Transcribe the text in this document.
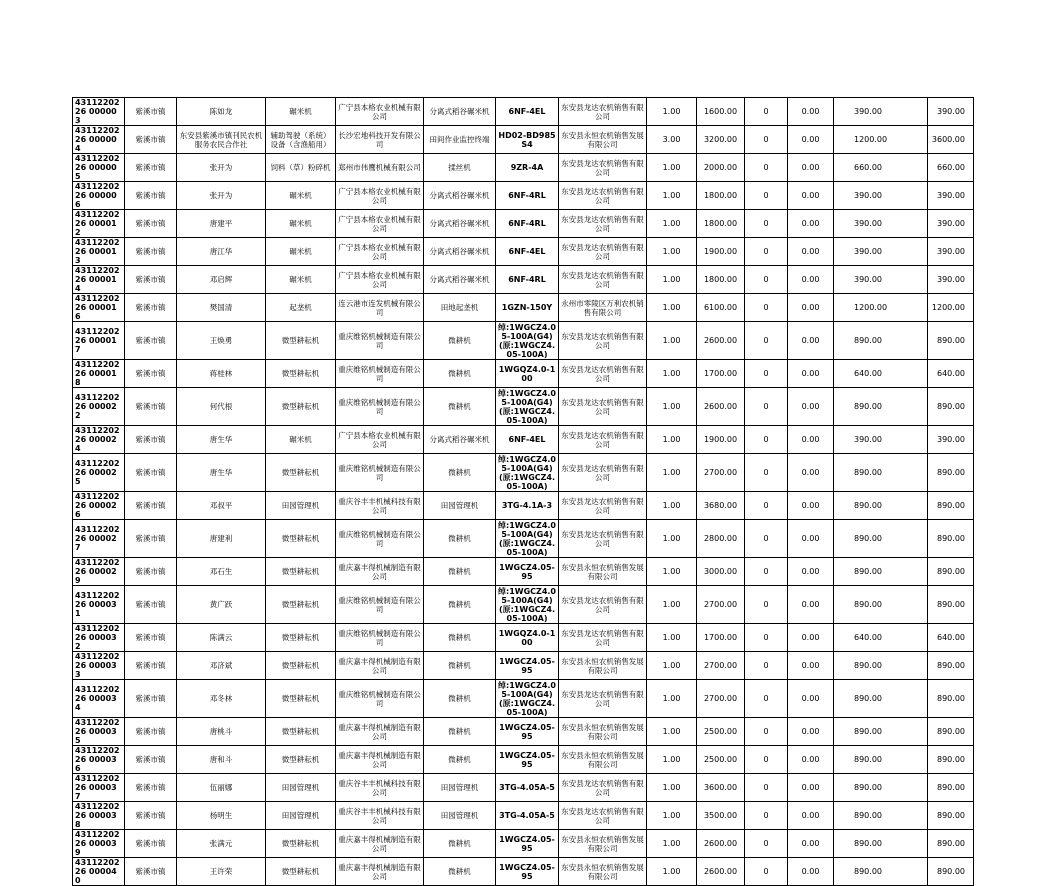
4311220226 000003	紫溪市镇	陈如龙	碾米机	广宁县本格农业机械有限公司	分离式稻谷碾米机	6NF-4EL	东安县龙达农机销售有限公司	1.00	1600.00	0	0.00	390.00	390.00
4311220226 000004	紫溪市镇	东安县紫溪市镇刊民农机服务农民合作社	辅助驾驶（系统）设备（含渔船用）	长沙宏地科技开发有限公司	田间作业监控终端	HD02-BD985S4	东安县永恒农机销售发展有限公司	3.00	3200.00	0	0.00	1200.00	3600.00
4311220226 000005	紫溪市镇	张开为	饲料（草）粉碎机	郑州市伟鹰机械有限公司	揉丝机	9ZR-4A	东安县龙达农机销售有限公司	1.00	2000.00	0	0.00	660.00	660.00
4311220226 000006	紫溪市镇	张开为	碾米机	广宁县本格农业机械有限公司	分离式稻谷碾米机	6NF-4RL	东安县龙达农机销售有限公司	1.00	1800.00	0	0.00	390.00	390.00
4311220226 000012	紫溪市镇	唐建平	碾米机	广宁县本格农业机械有限公司	分离式稻谷碾米机	6NF-4RL	东安县龙达农机销售有限公司	1.00	1800.00	0	0.00	390.00	390.00
4311220226 000013	紫溪市镇	唐江华	碾米机	广宁县本格农业机械有限公司	分离式稻谷碾米机	6NF-4EL	东安县龙达农机销售有限公司	1.00	1900.00	0	0.00	390.00	390.00
4311220226 000014	紫溪市镇	邓启辉	碾米机	广宁县本格农业机械有限公司	分离式稻谷碾米机	6NF-4RL	东安县龙达农机销售有限公司	1.00	1800.00	0	0.00	390.00	390.00
4311220226 000016	紫溪市镇	樊国清	起垄机	连云港市连发机械有限公司	田地起垄机	1GZN-150Y	永州市零陵区万利农机销售有限公司	1.00	6100.00	0	0.00	1200.00	1200.00
4311220226 000017	紫溪市镇	王焕勇	微型耕耘机	重庆维铭机械制造有限公司	微耕机	绰:1WGCZ4.05-100A(G4)(原:1WGCZ4.05-100A)	东安县龙达农机销售有限公司	1.00	2600.00	0	0.00	890.00	890.00
4311220226 000018	紫溪市镇	蒋桂林	微型耕耘机	重庆维铭机械制造有限公司	微耕机	1WGQZ4.0-100	东安县龙达农机销售有限公司	1.00	1700.00	0	0.00	640.00	640.00
4311220226 000022	紫溪市镇	何代根	微型耕耘机	重庆维铭机械制造有限公司	微耕机	绰:1WGCZ4.05-100A(G4)(原:1WGCZ4.05-100A)	东安县龙达农机销售有限公司	1.00	2600.00	0	0.00	890.00	890.00
4311220226 000024	紫溪市镇	唐生华	碾米机	广宁县本格农业机械有限公司	分离式稻谷碾米机	6NF-4EL	东安县龙达农机销售有限公司	1.00	1900.00	0	0.00	390.00	390.00
4311220226 000025	紫溪市镇	唐生华	微型耕耘机	重庆维铭机械制造有限公司	微耕机	绰:1WGCZ4.05-100A(G4)(原:1WGCZ4.05-100A)	东安县龙达农机销售有限公司	1.00	2700.00	0	0.00	890.00	890.00
4311220226 000026	紫溪市镇	邓叔平	田园管理机	重庆谷丰丰机械科技有限公司	田园管理机	3TG-4.1A-3	东安县龙达农机销售有限公司	1.00	3680.00	0	0.00	890.00	890.00
4311220226 000027	紫溪市镇	唐建利	微型耕耘机	重庆维铭机械制造有限公司	微耕机	绰:1WGCZ4.05-100A(G4)(原:1WGCZ4.05-100A)	东安县龙达农机销售有限公司	1.00	2800.00	0	0.00	890.00	890.00
4311220226 000029	紫溪市镇	邓石生	微型耕耘机	重庆嘉丰得机械制造有限公司	微耕机	1WGCZ4.05-95	东安县永恒农机销售发展有限公司	1.00	3000.00	0	0.00	890.00	890.00
4311220226 000031	紫溪市镇	黄广跃	微型耕耘机	重庆维铭机械制造有限公司	微耕机	绰:1WGCZ4.05-100A(G4)(原:1WGCZ4.05-100A)	东安县龙达农机销售有限公司	1.00	2700.00	0	0.00	890.00	890.00
4311220226 000032	紫溪市镇	陈满云	微型耕耘机	重庆维铭机械制造有限公司	微耕机	1WGQZ4.0-100	东安县龙达农机销售有限公司	1.00	1700.00	0	0.00	640.00	640.00
4311220226 000033	紫溪市镇	邓济斌	微型耕耘机	重庆嘉丰得机械制造有限公司	微耕机	1WGCZ4.05-95	东安县永恒农机销售发展有限公司	1.00	2700.00	0	0.00	890.00	890.00
4311220226 000034	紫溪市镇	邓冬林	微型耕耘机	重庆维铭机械制造有限公司	微耕机	绰:1WGCZ4.05-100A(G4)(原:1WGCZ4.05-100A)	东安县龙达农机销售有限公司	1.00	2700.00	0	0.00	890.00	890.00
4311220226 000035	紫溪市镇	唐桃斗	微型耕耘机	重庆嘉丰得机械制造有限公司	微耕机	1WGCZ4.05-95	东安县永恒农机销售发展有限公司	1.00	2500.00	0	0.00	890.00	890.00
4311220226 000036	紫溪市镇	唐和斗	微型耕耘机	重庆嘉丰得机械制造有限公司	微耕机	1WGCZ4.05-95	东安县永恒农机销售发展有限公司	1.00	2500.00	0	0.00	890.00	890.00
4311220226 000037	紫溪市镇	伍丽娜	田园管理机	重庆谷丰丰机械科技有限公司	田园管理机	3TG-4.05A-5	东安县龙达农机销售有限公司	1.00	3600.00	0	0.00	890.00	890.00
4311220226 000038	紫溪市镇	杨明生	田园管理机	重庆谷丰丰机械科技有限公司	田园管理机	3TG-4.05A-5	东安县龙达农机销售有限公司	1.00	3500.00	0	0.00	890.00	890.00
4311220226 000039	紫溪市镇	张满元	微型耕耘机	重庆嘉丰得机械制造有限公司	微耕机	1WGCZ4.05-95	东安县永恒农机销售发展有限公司	1.00	2600.00	0	0.00	890.00	890.00
4311220226 000040	紫溪市镇	王许荣	微型耕耘机	重庆嘉丰得机械制造有限公司	微耕机	1WGCZ4.05-95	东安县永恒农机销售发展有限公司	1.00	2600.00	0	0.00	890.00	890.00
